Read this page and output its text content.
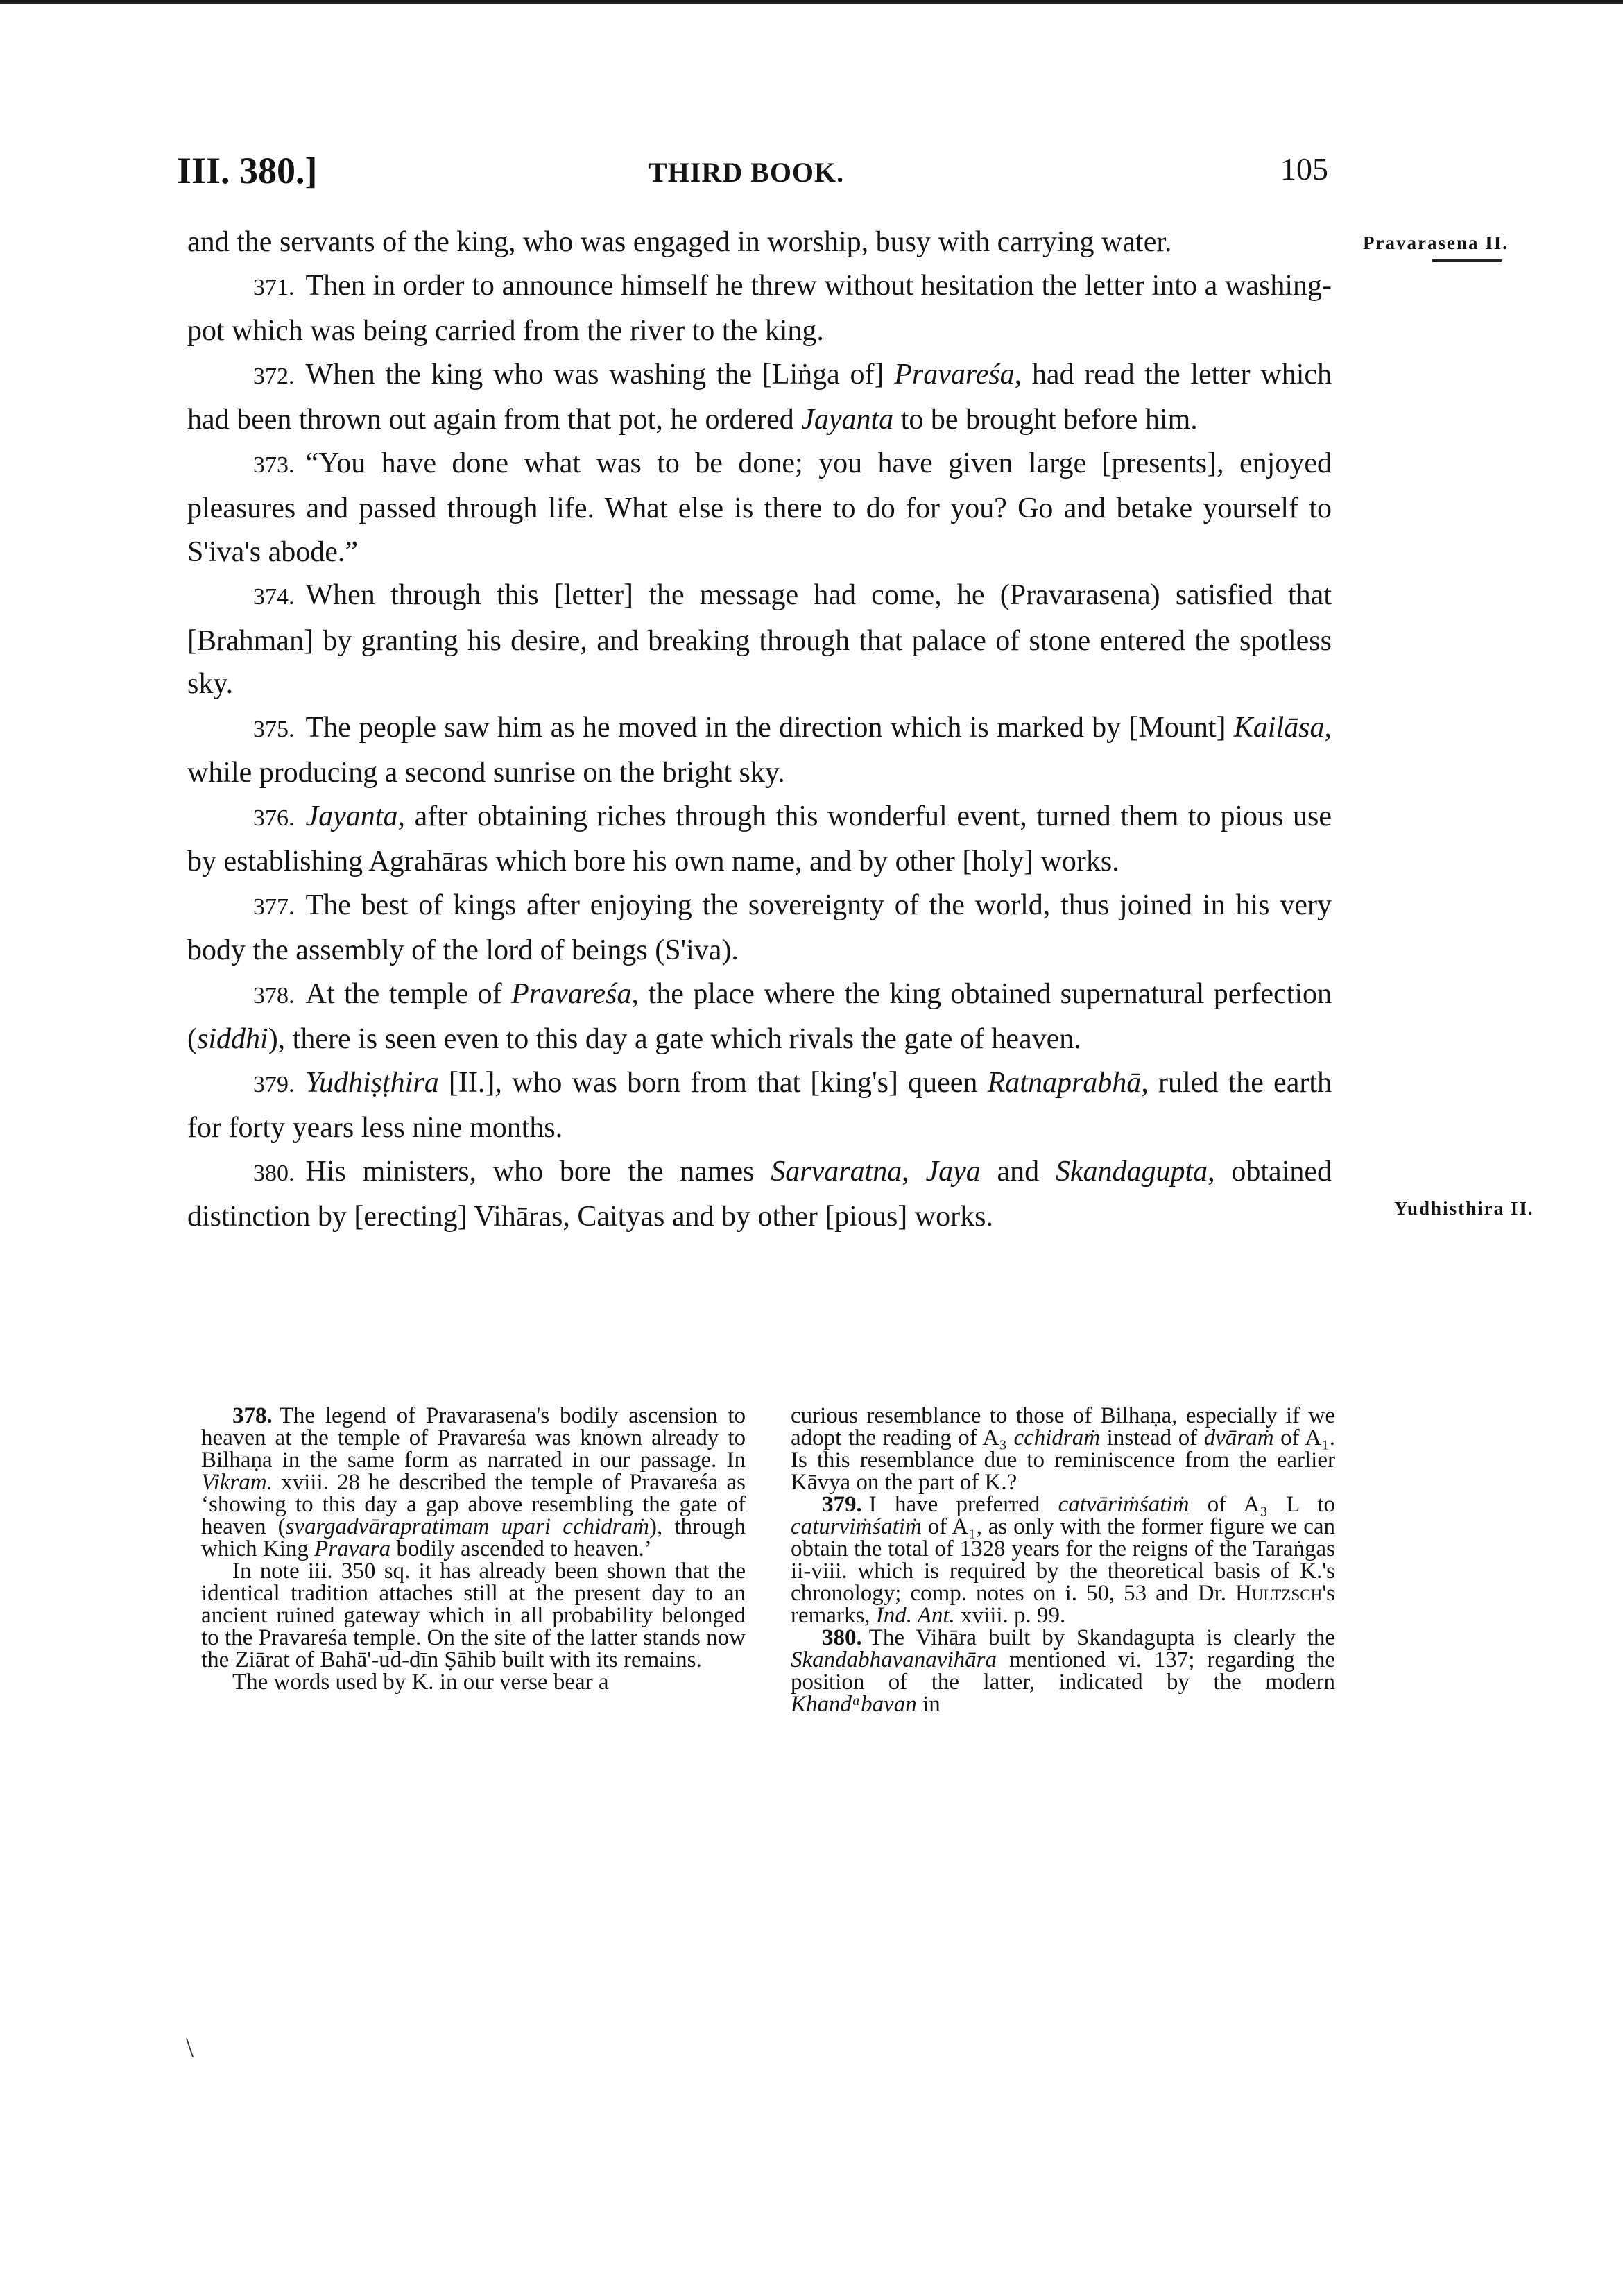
III. 380.]	THIRD BOOK.	105
Pravarasena II.
Yudhisthira II.

and the servants of the king, who was engaged in worship, busy with carrying water.

371. Then in order to announce himself he threw without hesitation the letter into a washing-pot which was being carried from the river to the king.

372. When the king who was washing the [Liṅga of] Pravareśa, had read the letter which had been thrown out again from that pot, he ordered Jayanta to be brought before him.

373. “You have done what was to be done; you have given large [presents], enjoyed pleasures and passed through life. What else is there to do for you? Go and betake yourself to S'iva's abode.”

374. When through this [letter] the message had come, he (Pravarasena) satisfied that [Brahman] by granting his desire, and breaking through that palace of stone entered the spotless sky.

375. The people saw him as he moved in the direction which is marked by [Mount] Kailāsa, while producing a second sunrise on the bright sky.

376. Jayanta, after obtaining riches through this wonderful event, turned them to pious use by establishing Agrahāras which bore his own name, and by other [holy] works.

377. The best of kings after enjoying the sovereignty of the world, thus joined in his very body the assembly of the lord of beings (S'iva).

378. At the temple of Pravareśa, the place where the king obtained supernatural perfection (siddhi), there is seen even to this day a gate which rivals the gate of heaven.

379. Yudhiṣṭhira [II.], who was born from that [king's] queen Ratnaprabhā, ruled the earth for forty years less nine months.

380. His ministers, who bore the names Sarvaratna, Jaya and Skandagupta, obtained distinction by [erecting] Vihāras, Caityas and by other [pious] works.

378. The legend of Pravarasena's bodily ascension to heaven at the temple of Pravareśa was known already to Bilhaṇa in the same form as narrated in our passage. In Vikram. xviii. 28 he described the temple of Pravareśa as ‘showing to this day a gap above resembling the gate of heaven (svargadvārapratimam upari cchidraṁ), through which King Pravara bodily ascended to heaven.’

In note iii. 350 sq. it has already been shown that the identical tradition attaches still at the present day to an ancient ruined gateway which in all probability belonged to the Pravareśa temple. On the site of the latter stands now the Ziārat of Bahā'-ud-dīn Ṣāhib built with its remains.

The words used by K. in our verse bear a

curious resemblance to those of Bilhaṇa, especially if we adopt the reading of A₃ cchidraṁ instead of dvāraṁ of A₁. Is this resemblance due to reminiscence from the earlier Kāvya on the part of K.?

379. I have preferred catvāriṁśatiṁ of A₃ L to caturviṁśatiṁ of A₁, as only with the former figure we can obtain the total of 1328 years for the reigns of the Taraṅgas ii-viii. which is required by the theoretical basis of K.'s chronology; comp. notes on i. 50, 53 and Dr. Hultzsch's remarks, Ind. Ant. xviii. p. 99.

380. The Vihāra built by Skandagupta is clearly the Skandabhavanavihāra mentioned vi. 137; regarding the position of the latter, indicated by the modern Khandᵃbavan in

\
